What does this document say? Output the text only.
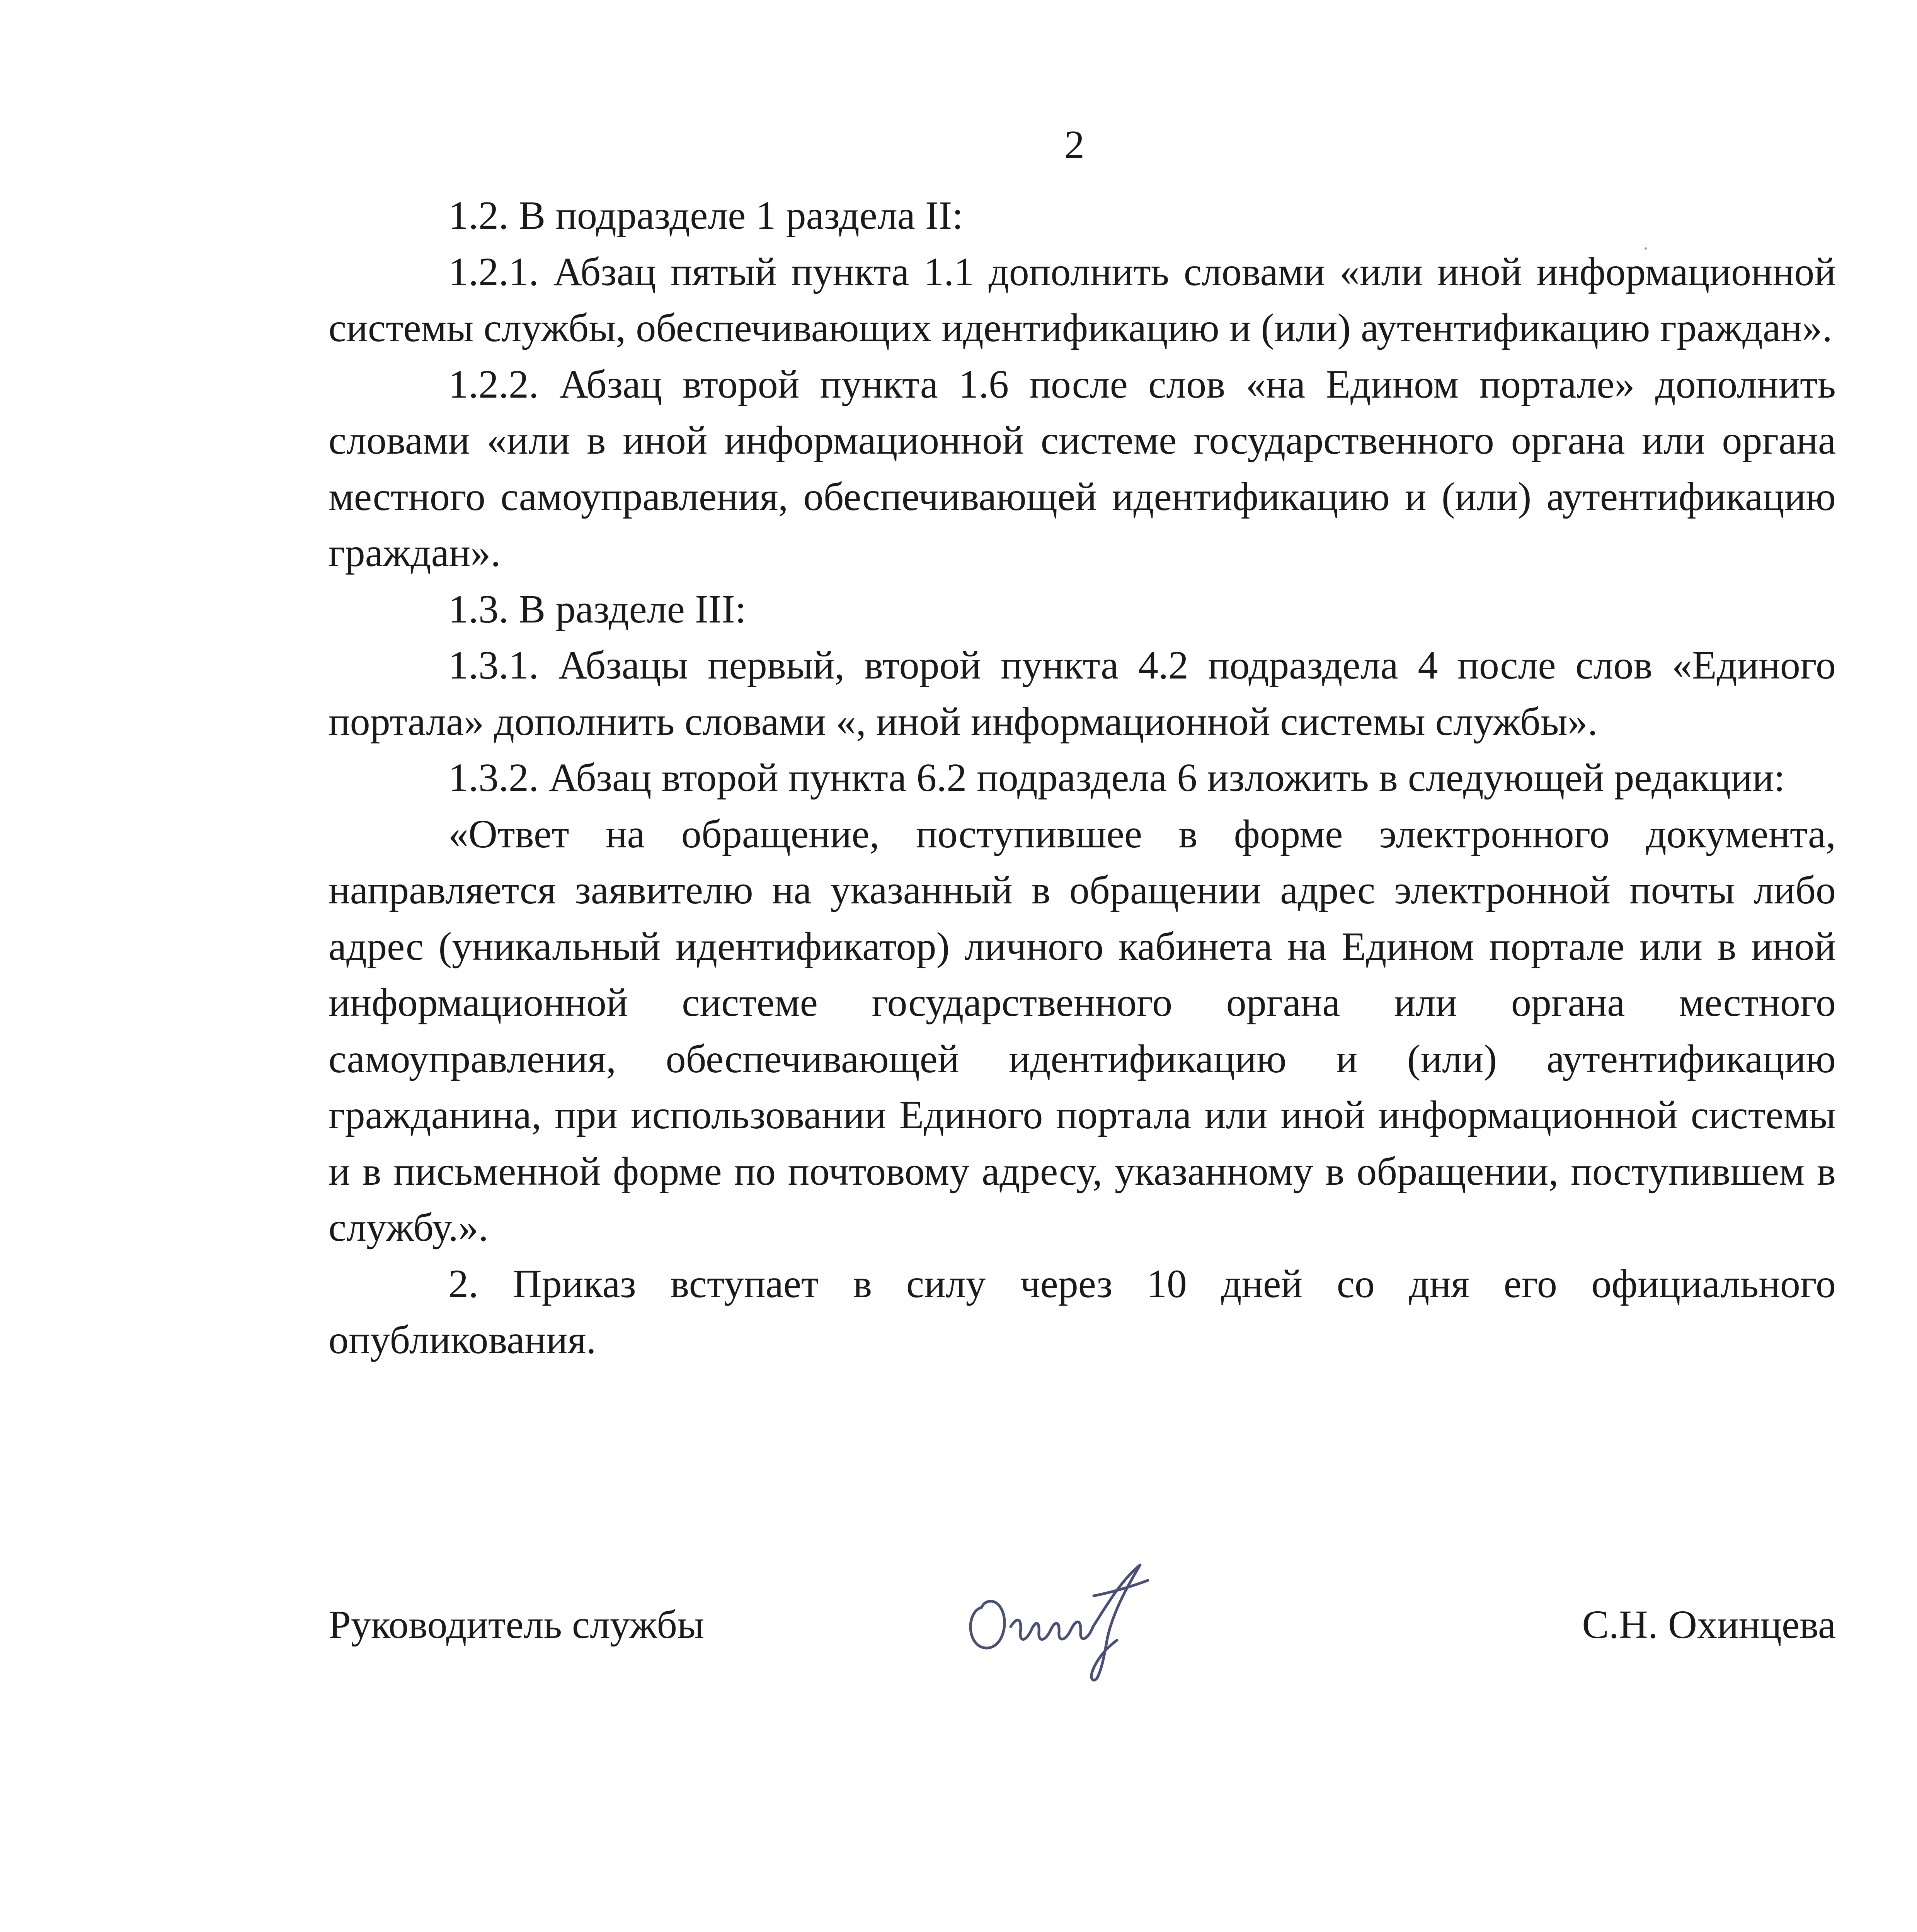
2

1.2. В подразделе 1 раздела II:

1.2.1. Абзац пятый пункта 1.1 дополнить словами «или иной информационной системы службы, обеспечивающих идентификацию и (или) аутентификацию граждан».

1.2.2. Абзац второй пункта 1.6 после слов «на Едином портале» дополнить словами «или в иной информационной системе государственного органа или органа местного самоуправления, обеспечивающей идентификацию и (или) аутентификацию граждан».

1.3. В разделе III:

1.3.1. Абзацы первый, второй пункта 4.2 подраздела 4 после слов «Единого портала» дополнить словами «, иной информационной системы службы».

1.3.2. Абзац второй пункта 6.2 подраздела 6 изложить в следующей редакции:

«Ответ на обращение, поступившее в форме электронного документа, направляется заявителю на указанный в обращении адрес электронной почты либо адрес (уникальный идентификатор) личного кабинета на Едином портале или в иной информационной системе государственного органа или органа местного самоуправления, обеспечивающей идентификацию и (или) аутентификацию гражданина, при использовании Единого портала или иной информационной системы и в письменной форме по почтовому адресу, указанному в обращении, поступившем в службу.».

2. Приказ вступает в силу через 10 дней со дня его официального опубликования.

Руководитель службы	С.Н. Охинцева
